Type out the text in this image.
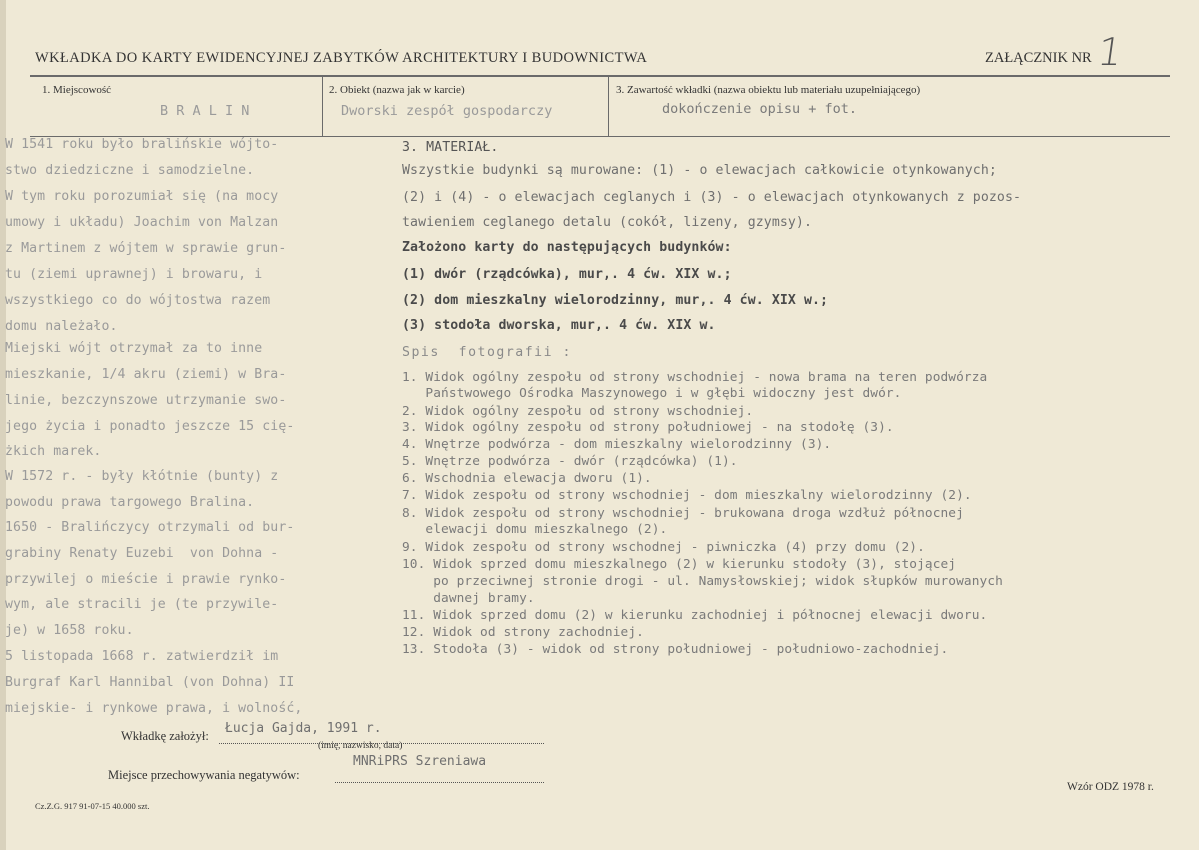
WKŁADKA DO KARTY EWIDENCYJNEJ ZABYTKÓW ARCHITEKTURY I BUDOWNICTWA	ZAŁĄCZNIK NR 1
1. Miejscowość
B R A L I N
2. Obiekt (nazwa jak w karcie)
Dworski zespół gospodarczy
3. Zawartość wkładki (nazwa obiektu lub materiału uzupełniającego)
dokończenie opisu + fot.
W 1541 roku było bralińskie wójto-
stwo dziedziczne i samodzielne.
W tym roku porozumiał się (na mocy
umowy i układu) Joachim von Malzan
z Martinem z wójtem w sprawie grun-
tu (ziemi uprawnej) i browaru, i
wszystkiego co do wójtostwa razem
domu należało.
Miejski wójt otrzymał za to inne
mieszkanie, 1/4 akru (ziemi) w Bra-
linie, bezczynszowe utrzymanie swo-
jego życia i ponadto jeszcze 15 cię-
żkich marek.
W 1572 r. - były kłótnie (bunty) z
powodu prawa targowego Bralina.
1650 - Bralińczycy otrzymali od bur-
grabiny Renaty Euzebi  von Dohna -
przywilej o mieście i prawie rynko-
wym, ale stracili je (te przywile-
je) w 1658 roku.
5 listopada 1668 r. zatwierdził im
Burgraf Karl Hannibal (von Dohna) II
miejskie- i rynkowe prawa, i wolność,
3. MATERIAŁ.
Wszystkie budynki są murowane: (1) - o elewacjach całkowicie otynkowanych;
(2) i (4) - o elewacjach ceglanych i (3) - o elewacjach otynkowanych z pozos-
tawieniem ceglanego detalu (cokół, lizeny, gzymsy).
Założono karty do następujących budynków:
(1) dwór (rządcówka), mur,. 4 ćw. XIX w.;
(2) dom mieszkalny wielorodzinny, mur,. 4 ćw. XIX w.;
(3) stodoła dworska, mur,. 4 ćw. XIX w.
Spis  fotografii :
1. Widok ogólny zespołu od strony wschodniej - nowa brama na teren podwórza
Państwowego Ośrodka Maszynowego i w głębi widoczny jest dwór.
2. Widok ogólny zespołu od strony wschodniej.
3. Widok ogólny zespołu od strony południowej - na stodołę (3).
4. Wnętrze podwórza - dom mieszkalny wielorodzinny (3).
5. Wnętrze podwórza - dwór (rządcówka) (1).
6. Wschodnia elewacja dworu (1).
7. Widok zespołu od strony wschodniej - dom mieszkalny wielorodzinny (2).
8. Widok zespołu od strony wschodniej - brukowana droga wzdłuż północnej
elewacji domu mieszkalnego (2).
9. Widok zespołu od strony wschodnej - piwniczka (4) przy domu (2).
10. Widok sprzed domu mieszkalnego (2) w kierunku stodoły (3), stojącej
po przeciwnej stronie drogi - ul. Namysłowskiej; widok słupków murowanych
dawnej bramy.
11. Widok sprzed domu (2) w kierunku zachodniej i północnej elewacji dworu.
12. Widok od strony zachodniej.
13. Stodoła (3) - widok od strony południowej - południowo-zachodniej.
Wkładkę założył: Łucja Gajda, 1991 r.
(imię, nazwisko, data)
Miejsce przechowywania negatywów:
MNRiPRS Szreniawa
Cz.Z.G. 917 91-07-15 40.000 szt.
Wzór ODZ 1978 r.
